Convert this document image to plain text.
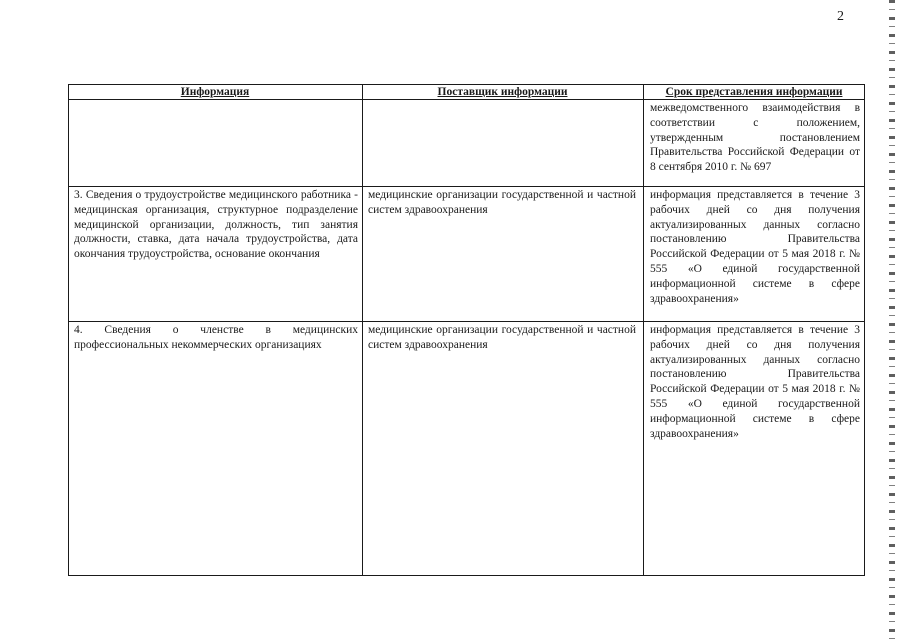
2
Информация	Поставщик информации	Срок представления информации
межведомственного взаимодействия в соответствии с положением, утвержденным постановлением Правительства Российской Федерации от 8 сентября 2010 г. № 697
3. Сведения о трудоустройстве медицинского работника - медицинская организация, структурное подразделение медицинской организации, должность, тип занятия должности, ставка, дата начала трудоустройства, дата окончания трудоустройства, основание окончания
медицинские организации государственной и частной систем здравоохранения
информация представляется в течение 3 рабочих дней со дня получения актуализированных данных согласно постановлению Правительства Российской Федерации от 5 мая 2018 г. № 555 «О единой государственной информационной системе в сфере здравоохранения»
4. Сведения о членстве в медицинских профессиональных некоммерческих организациях
медицинские организации государственной и частной систем здравоохранения
информация представляется в течение 3 рабочих дней со дня получения актуализированных данных согласно постановлению Правительства Российской Федерации от 5 мая 2018 г. № 555 «О единой государственной информационной системе в сфере здравоохранения»
